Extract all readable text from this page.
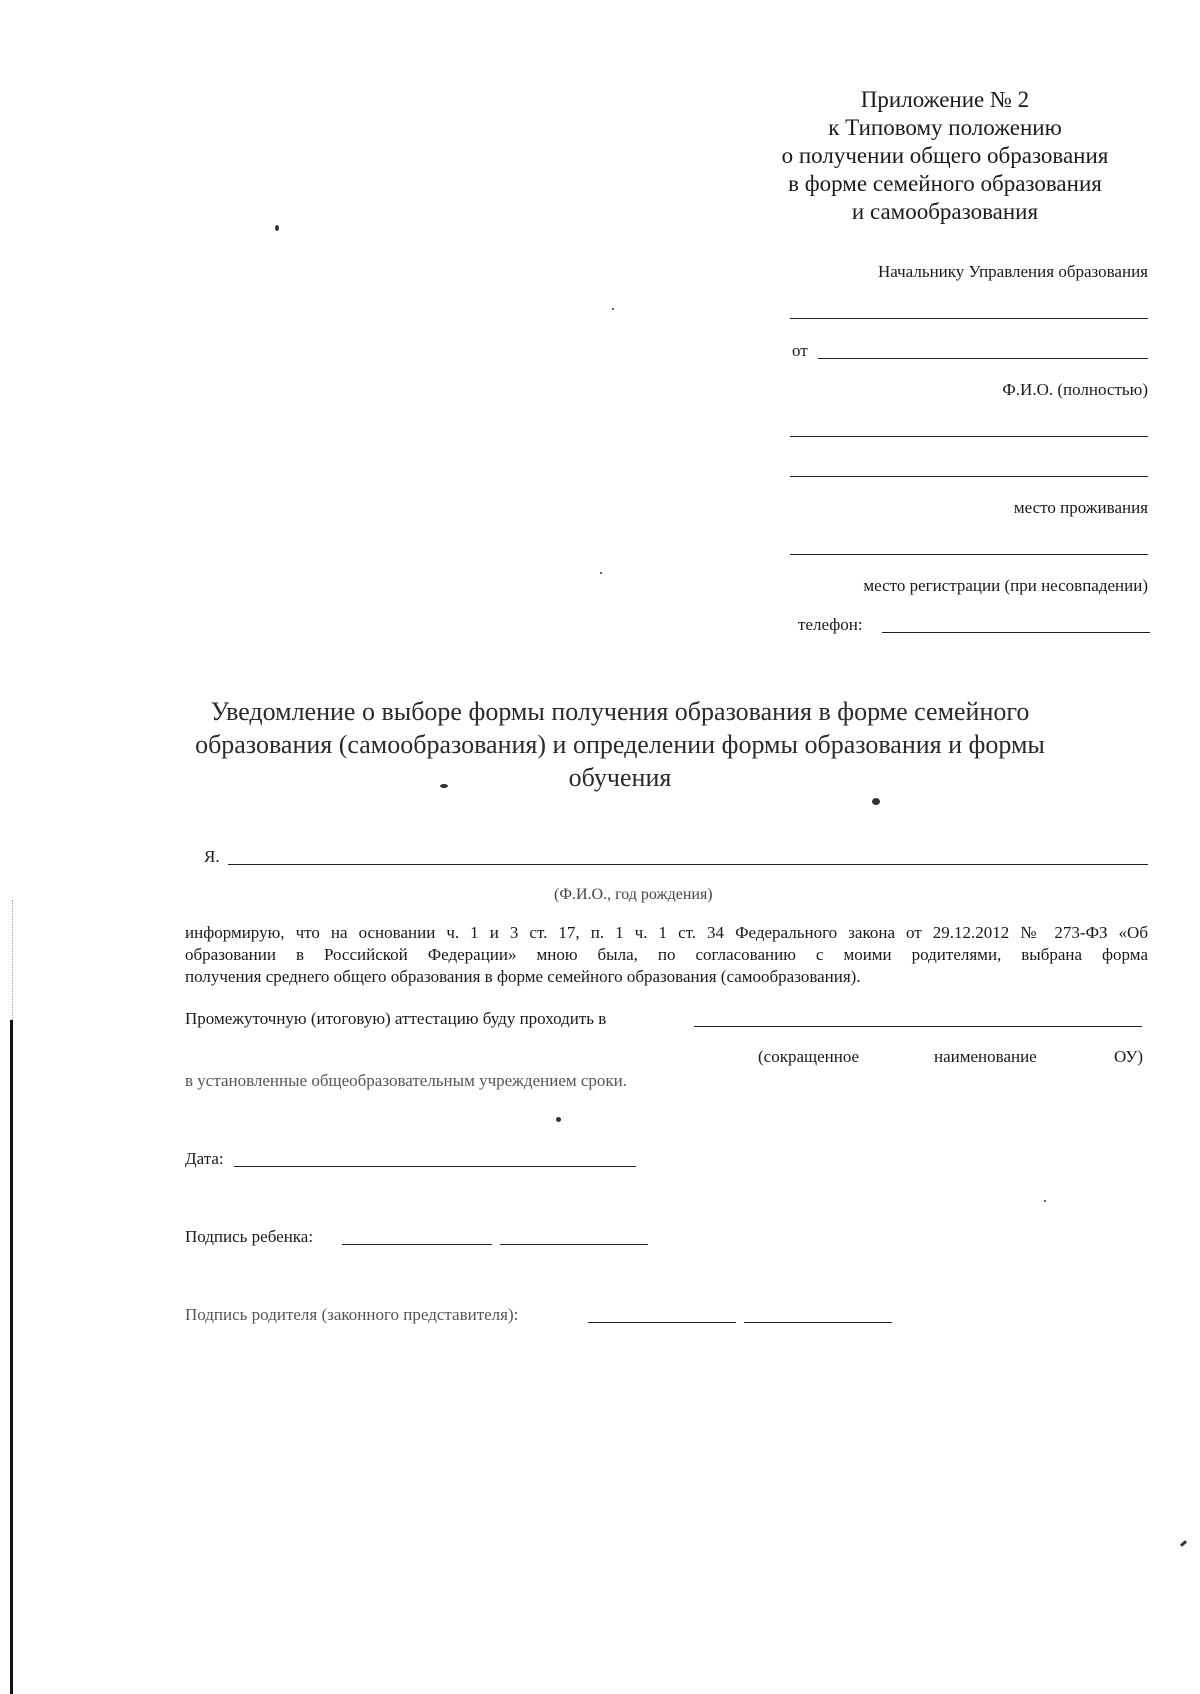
Приложение № 2
к Типовому положению
о получении общего образования
в форме семейного образования
и самообразования
Начальнику Управления образования
от
Ф.И.О. (полностью)
место проживания
место регистрации (при несовпадении)
телефон:
Уведомление о выборе формы получения образования в форме семейного
образования (самообразования) и определении формы образования и формы
обучения
Я.
(Ф.И.О., год рождения)
информирую, что на основании ч. 1 и 3 ст. 17, п. 1 ч. 1 ст. 34 Федерального закона от 29.12.2012 № 273-ФЗ «Об
образовании в Российской Федерации» мною была, по согласованию с моими родителями, выбрана форма
получения среднего общего образования в форме семейного образования (самообразования).
Промежуточную (итоговую) аттестацию буду проходить в
(сокращенное	наименование	ОУ)
в установленные общеобразовательным учреждением сроки.
Дата:
Подпись ребенка:
Подпись родителя (законного представителя):
